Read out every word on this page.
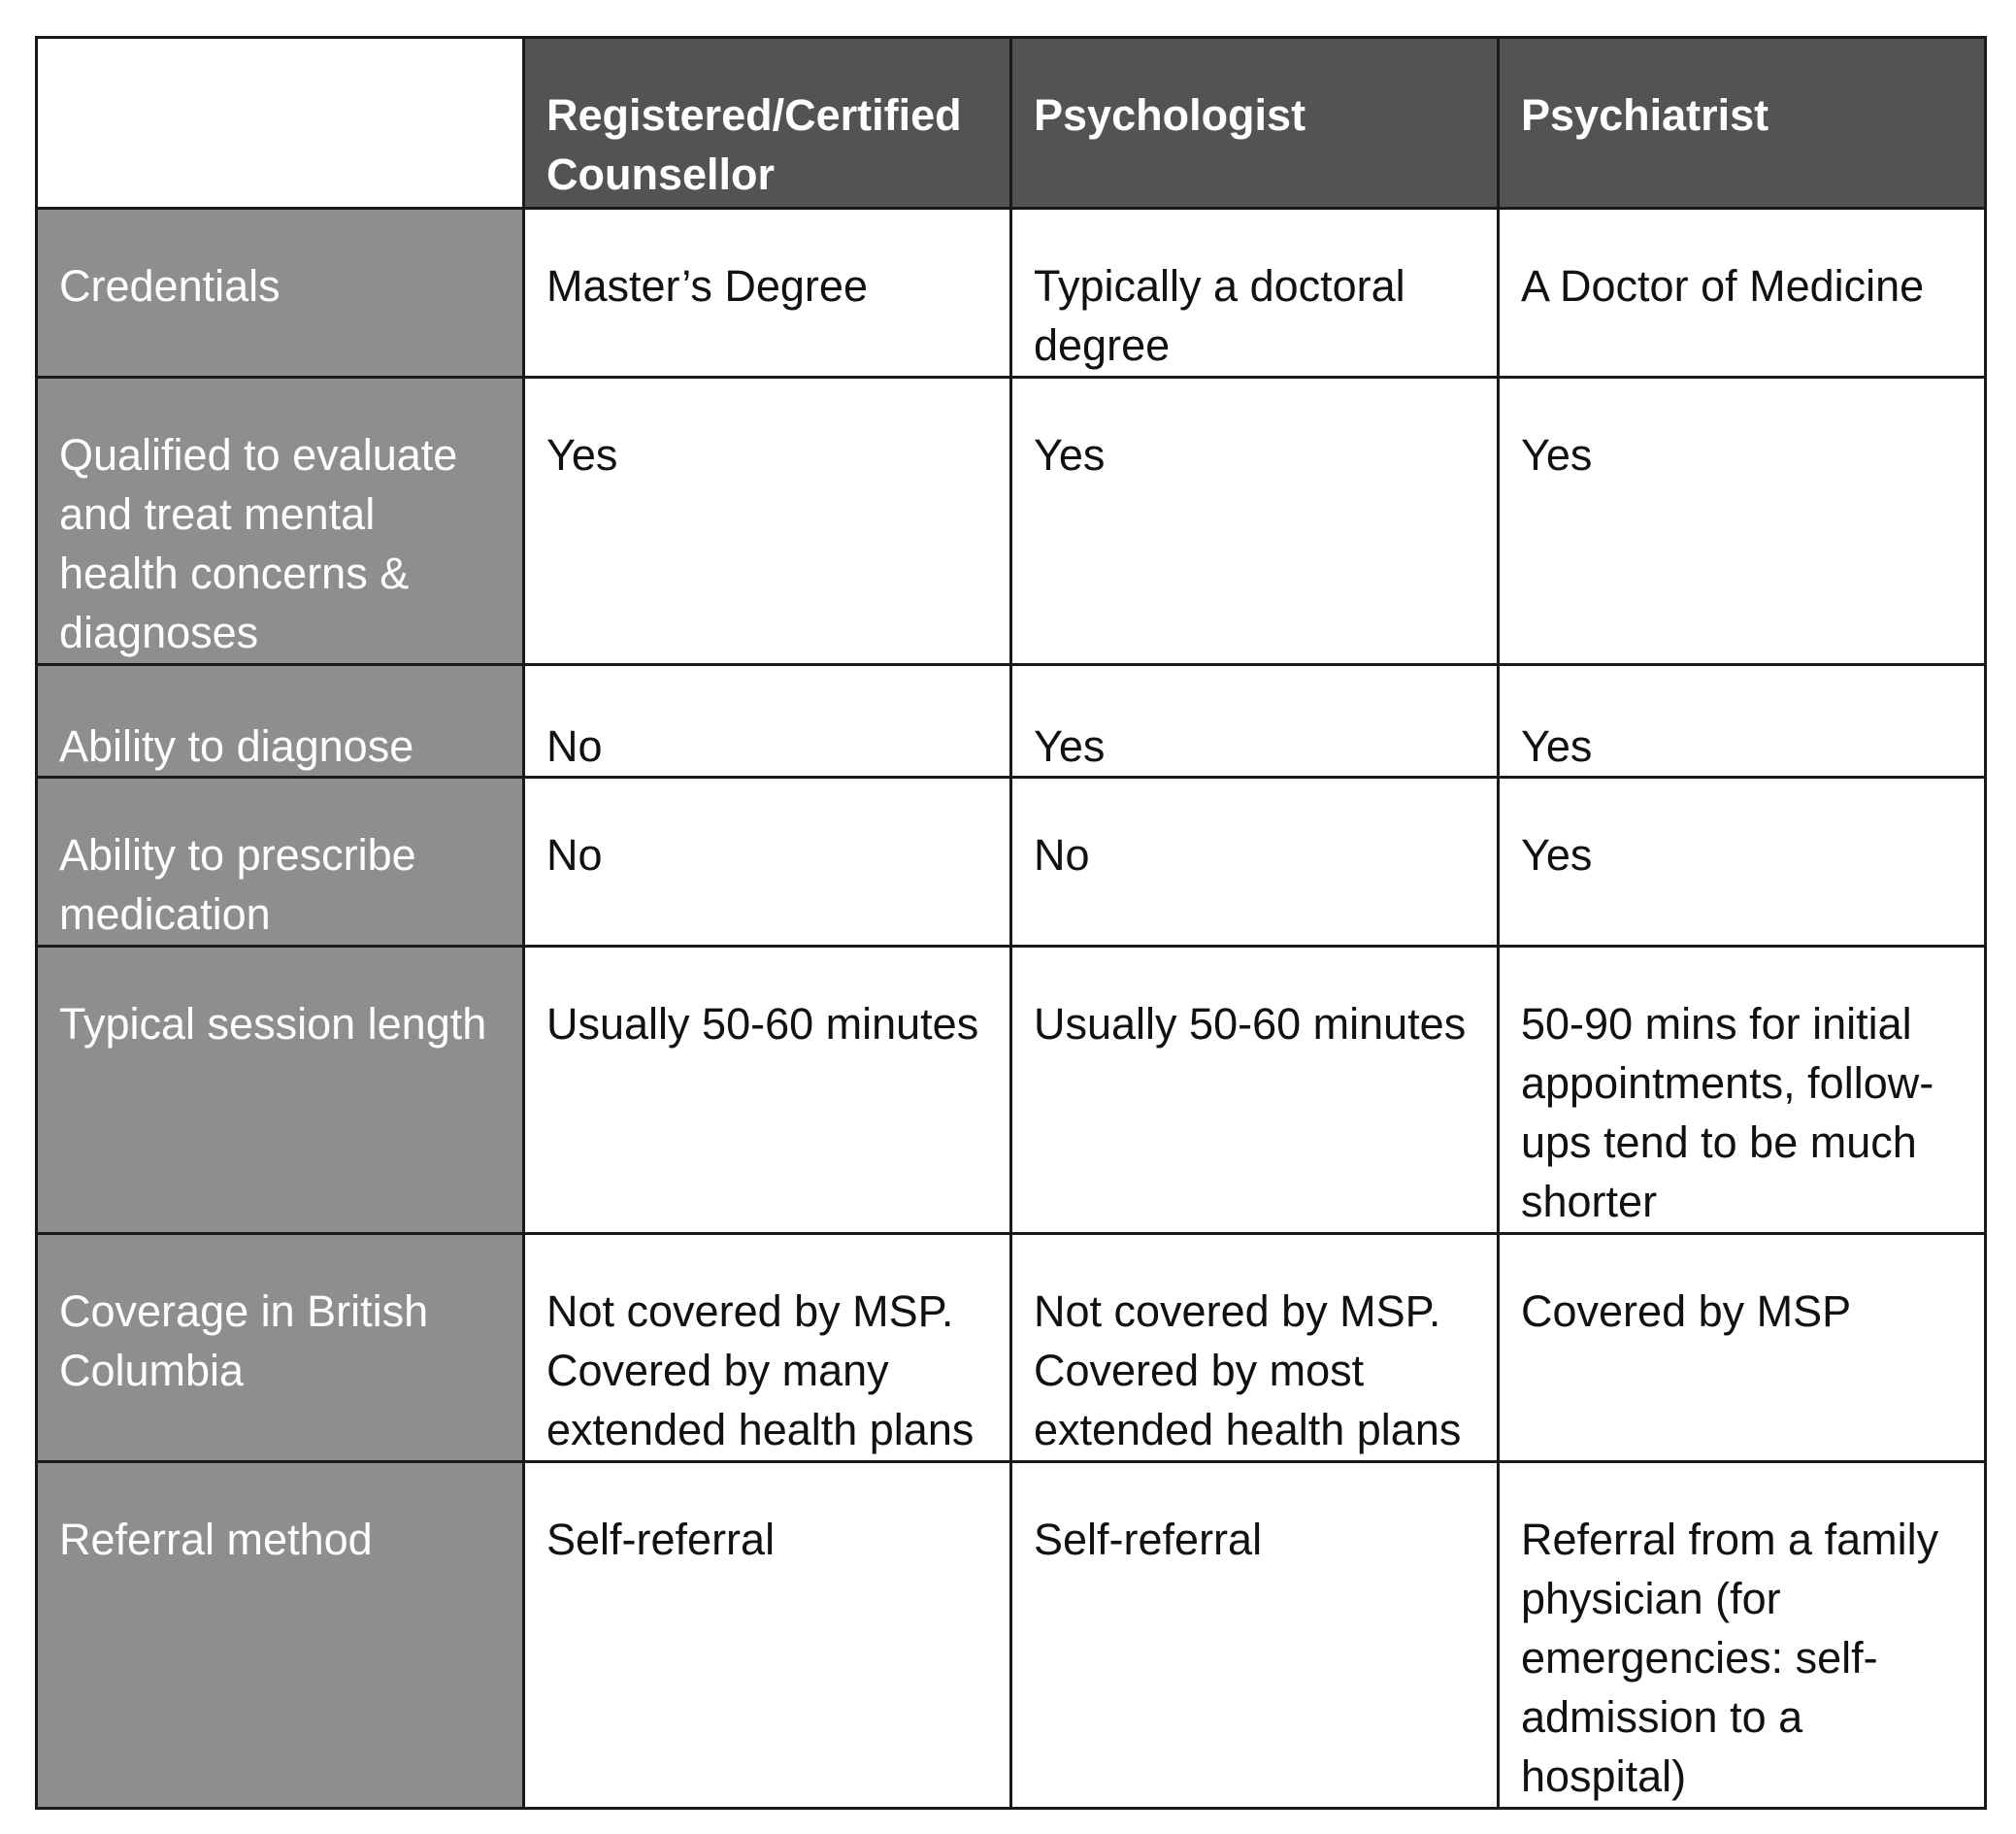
	Registered/Certified Counsellor	Psychologist	Psychiatrist
Credentials	Master’s Degree	Typically a doctoral degree	A Doctor of Medicine
Qualified to evaluate and treat mental health concerns & diagnoses	Yes	Yes	Yes
Ability to diagnose	No	Yes	Yes
Ability to prescribe medication	No	No	Yes
Typical session length	Usually 50-60 minutes	Usually 50-60 minutes	50-90 mins for initial appointments, follow-ups tend to be much shorter
Coverage in British Columbia	Not covered by MSP. Covered by many extended health plans	Not covered by MSP. Covered by most extended health plans	Covered by MSP
Referral method	Self-referral	Self-referral	Referral from a family physician (for emergencies: self-admission to a hospital)
